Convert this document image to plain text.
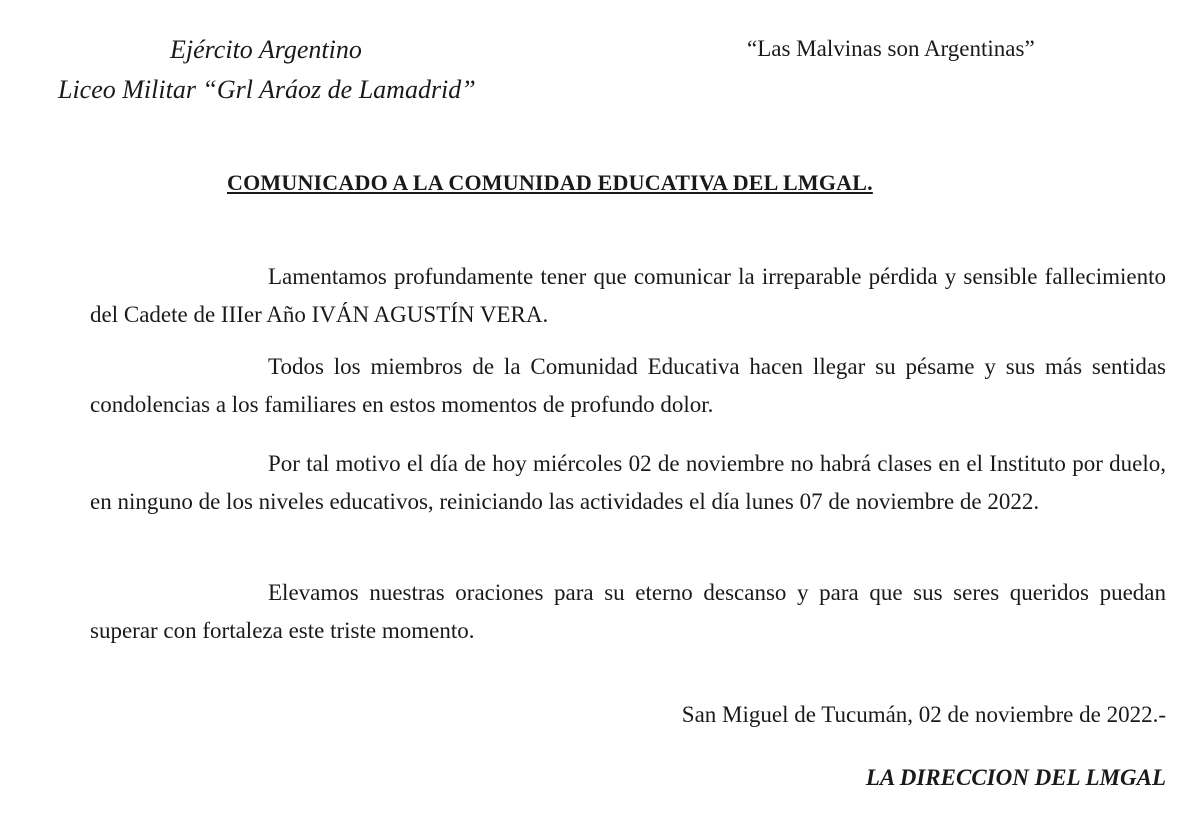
Ejército Argentino
Liceo Militar “Grl Aráoz de Lamadrid”
“Las Malvinas son Argentinas”
COMUNICADO A LA COMUNIDAD EDUCATIVA DEL LMGAL.
Lamentamos profundamente tener que comunicar la irreparable pérdida y sensible fallecimiento del Cadete de IIIer Año IVÁN AGUSTÍN VERA.
Todos los miembros de la Comunidad Educativa hacen llegar su pésame y sus más sentidas condolencias a los familiares en estos momentos de profundo dolor.
Por tal motivo el día de hoy miércoles 02 de noviembre no habrá clases en el Instituto por duelo, en ninguno de los niveles educativos, reiniciando las actividades el día lunes 07 de noviembre de 2022.
Elevamos nuestras oraciones para su eterno descanso y para que sus seres queridos puedan superar con fortaleza este triste momento.
San Miguel de Tucumán, 02 de noviembre de 2022.-
LA DIRECCION DEL LMGAL
